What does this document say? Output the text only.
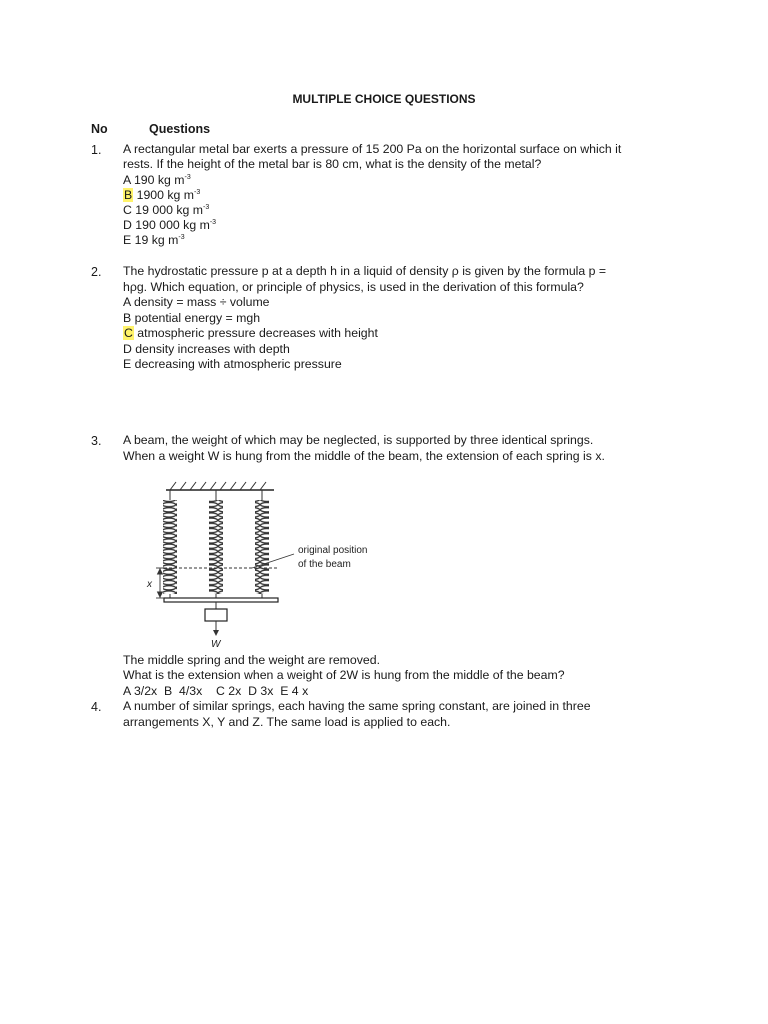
MULTIPLE CHOICE QUESTIONS
No	Questions
1. A rectangular metal bar exerts a pressure of 15 200 Pa on the horizontal surface on which it
rests. If the height of the metal bar is 80 cm, what is the density of the metal?
A 190 kg $m^{-3}$
B 1900 kg $m^{-3}$
C 19 000 kg $m^{-3}$
D 190 000 kg $m^{-3}$
E 19 kg $m^{-3}$
2. The hydrostatic pressure p at a depth h in a liquid of density ρ is given by the formula p =
hρg. Which equation, or principle of physics, is used in the derivation of this formula?
A density = mass ÷ volume
B potential energy = mgh
C atmospheric pressure decreases with height
D density increases with depth
E decreasing with atmospheric pressure
3. A beam, the weight of which may be neglected, is supported by three identical springs.
When a weight W is hung from the middle of the beam, the extension of each spring is x.
original position
of the beam
x
W
The middle spring and the weight are removed.
What is the extension when a weight of 2W is hung from the middle of the beam?
A 3/2x  B  4/3x    C 2x  D 3x  E 4 x
4. A number of similar springs, each having the same spring constant, are joined in three
arrangements X, Y and Z. The same load is applied to each.
